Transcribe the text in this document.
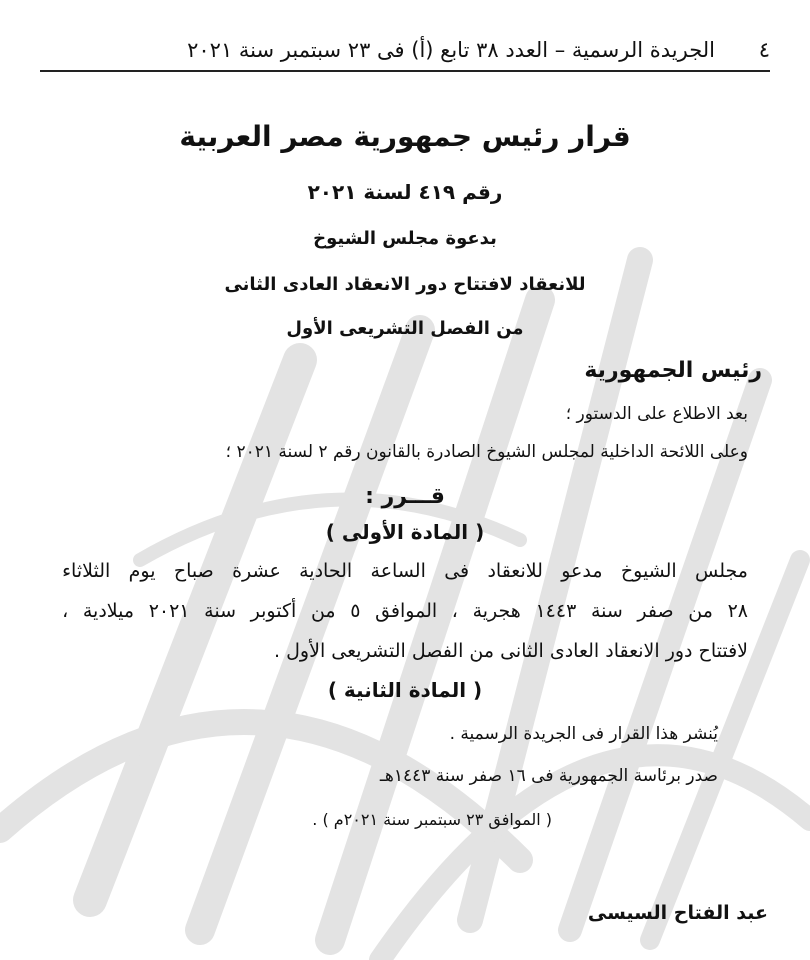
٤
الجريدة الرسمية – العدد ٣٨ تابع (أ) فى ٢٣ سبتمبر سنة ٢٠٢١
قرار رئيس جمهورية مصر العربية
رقم ٤١٩ لسنة ٢٠٢١
بدعوة مجلس الشيوخ
للانعقاد لافتتاح دور الانعقاد العادى الثانى
من الفصل التشريعى الأول
رئيس الجمهورية
بعد الاطلاع على الدستور ؛
وعلى اللائحة الداخلية لمجلس الشيوخ الصادرة بالقانون رقم ٢ لسنة ٢٠٢١ ؛
قـــرر :
( المادة الأولى )
مجلس
الشيوخ
مدعو
للانعقاد
فى
الساعة
الحادية
عشرة
صباح
يوم
الثلاثاء
٢٨
من
صفر
سنة
١٤٤٣
هجرية
،
الموافق
٥
من
أكتوبر
سنة
٢٠٢١
ميلادية
،
لافتتاح دور الانعقاد العادى الثانى من الفصل التشريعى الأول .
( المادة الثانية )
يُنشر هذا القرار فى الجريدة الرسمية .
صدر برئاسة الجمهورية فى ١٦ صفر سنة ١٤٤٣هـ
( الموافق ٢٣ سبتمبر سنة ٢٠٢١م ) .
عبد الفتاح السيسى
